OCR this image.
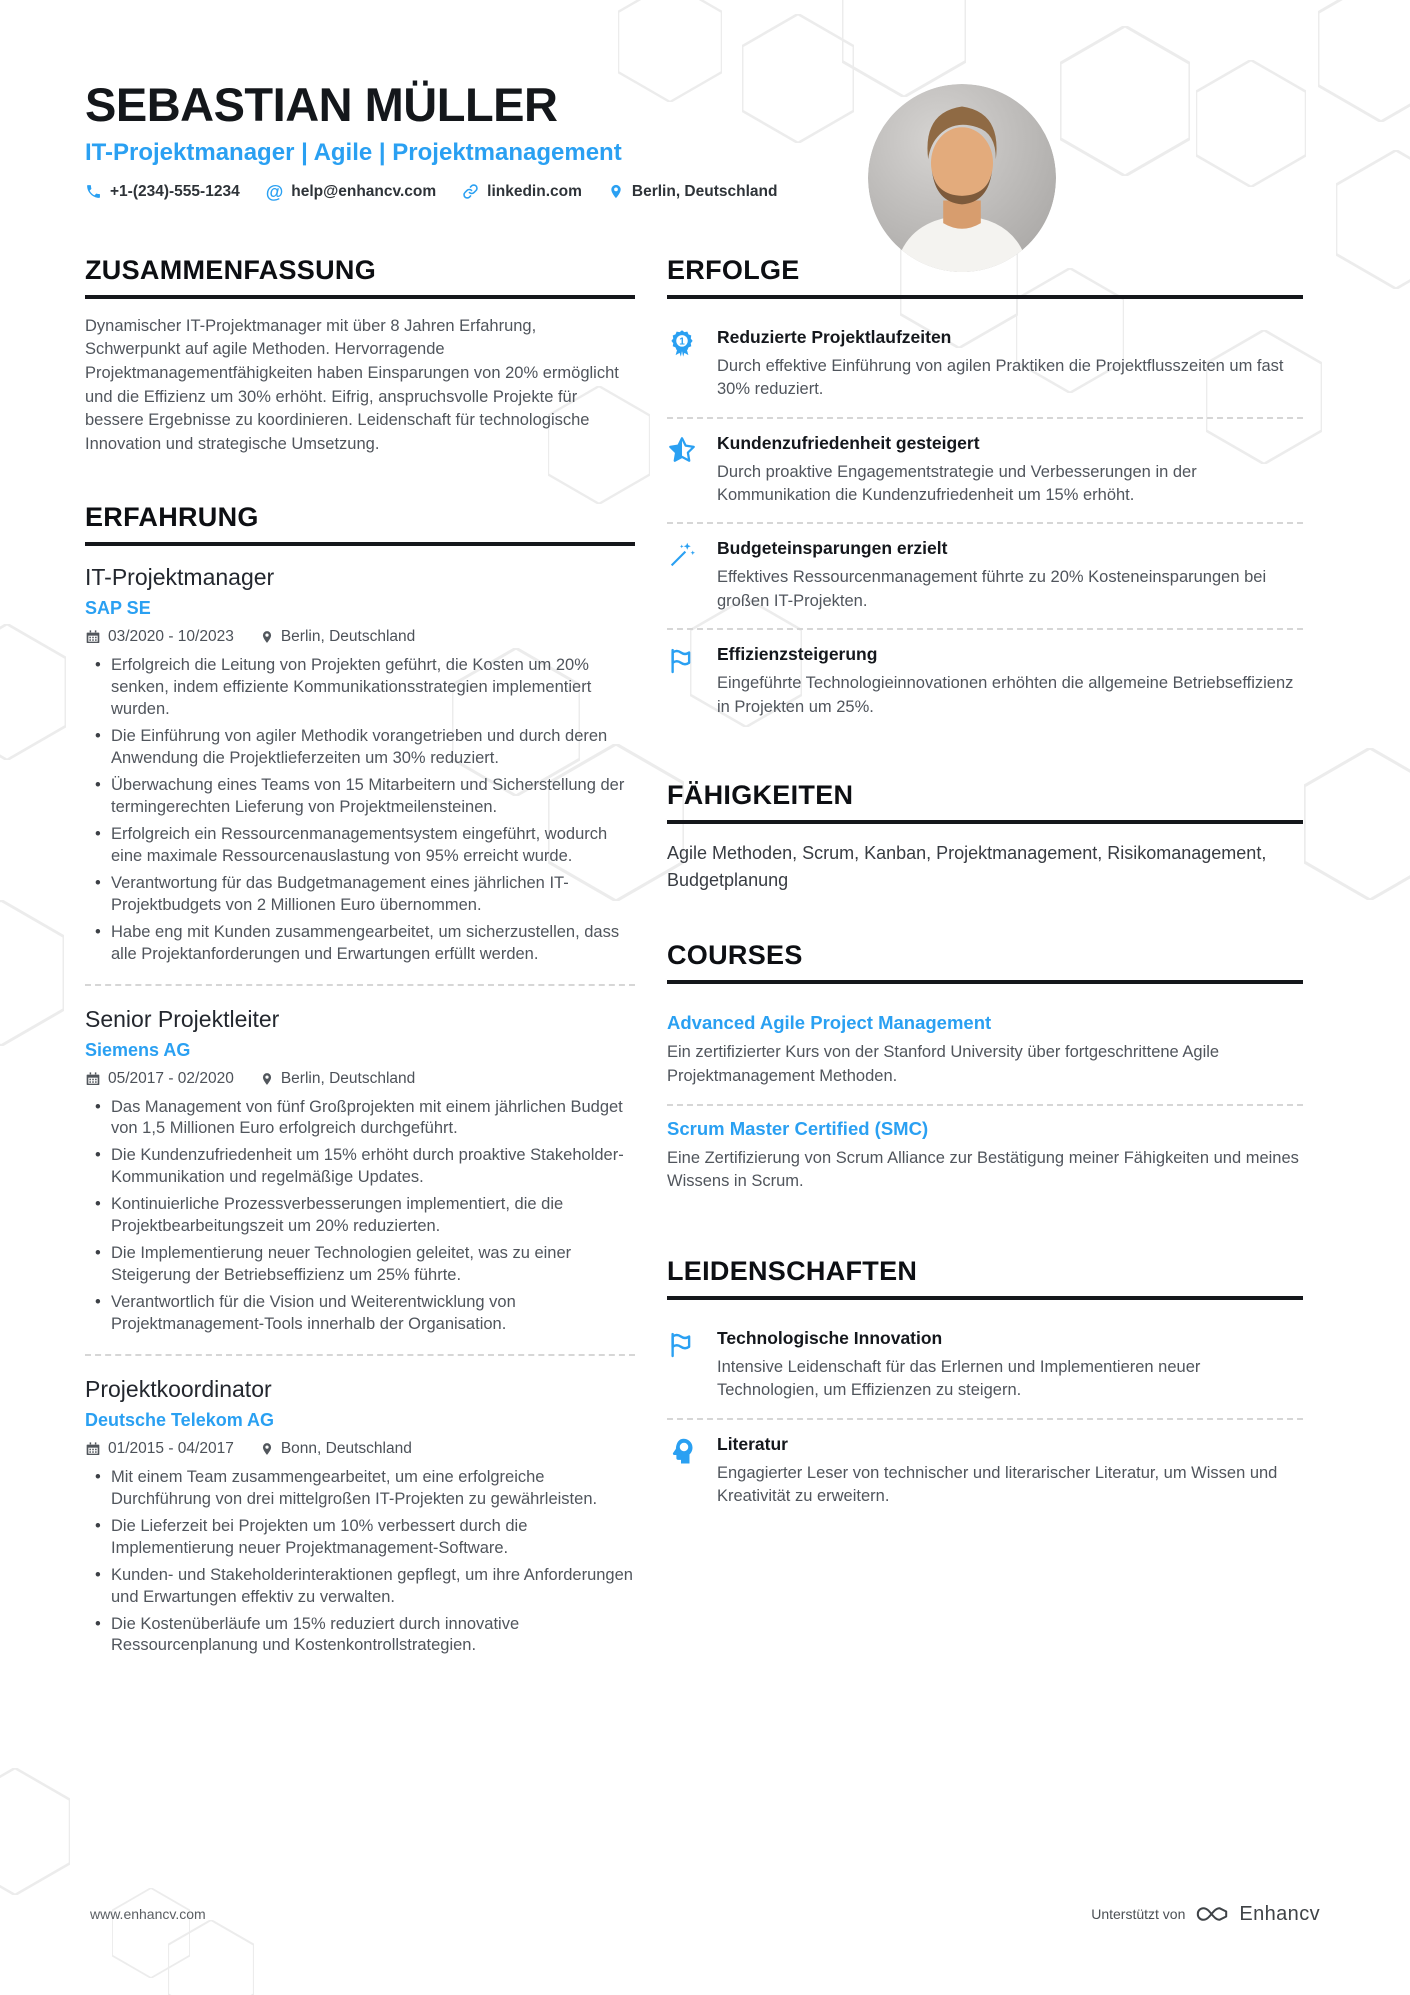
SEBASTIAN MÜLLER
IT-Projektmanager | Agile | Projektmanagement
+1-(234)-555-1234 @ help@enhancv.com	linkedin.com	Berlin, Deutschland
ZUSAMMENFASSUNG

Dynamischer IT-Projektmanager mit über 8 Jahren Erfahrung, Schwerpunkt auf agile Methoden. Hervorragende Projektmanagementfähigkeiten haben Einsparungen von 20% ermöglicht und die Effizienz um 30% erhöht. Eifrig, anspruchsvolle Projekte für bessere Ergebnisse zu koordinieren. Leidenschaft für technologische Innovation und strategische Umsetzung.

ERFAHRUNG
IT-Projektmanager
SAP SE
03/2020 - 10/2023	Berlin, Deutschland
• Erfolgreich die Leitung von Projekten geführt, die Kosten um 20% senken, indem effiziente Kommunikationsstrategien implementiert wurden.
• Die Einführung von agiler Methodik vorangetrieben und durch deren Anwendung die Projektlieferzeiten um 30% reduziert.
• Überwachung eines Teams von 15 Mitarbeitern und Sicherstellung der termingerechten Lieferung von Projektmeilensteinen.
• Erfolgreich ein Ressourcenmanagementsystem eingeführt, wodurch eine maximale Ressourcenauslastung von 95% erreicht wurde.
• Verantwortung für das Budgetmanagement eines jährlichen IT-Projektbudgets von 2 Millionen Euro übernommen.
• Habe eng mit Kunden zusammengearbeitet, um sicherzustellen, dass alle Projektanforderungen und Erwartungen erfüllt werden.
Senior Projektleiter
Siemens AG
05/2017 - 02/2020	Berlin, Deutschland
• Das Management von fünf Großprojekten mit einem jährlichen Budget von 1,5 Millionen Euro erfolgreich durchgeführt.
• Die Kundenzufriedenheit um 15% erhöht durch proaktive Stakeholder-Kommunikation und regelmäßige Updates.
• Kontinuierliche Prozessverbesserungen implementiert, die die Projektbearbeitungszeit um 20% reduzierten.
• Die Implementierung neuer Technologien geleitet, was zu einer Steigerung der Betriebseffizienz um 25% führte.
• Verantwortlich für die Vision und Weiterentwicklung von Projektmanagement-Tools innerhalb der Organisation.
Projektkoordinator
Deutsche Telekom AG
01/2015 - 04/2017	Bonn, Deutschland
• Mit einem Team zusammengearbeitet, um eine erfolgreiche Durchführung von drei mittelgroßen IT-Projekten zu gewährleisten.
• Die Lieferzeit bei Projekten um 10% verbessert durch die Implementierung neuer Projektmanagement-Software.
• Kunden- und Stakeholderinteraktionen gepflegt, um ihre Anforderungen und Erwartungen effektiv zu verwalten.
• Die Kostenüberläufe um 15% reduziert durch innovative Ressourcenplanung und Kostenkontrollstrategien.
ERFOLGE
1 Reduzierte Projektlaufzeiten
Durch effektive Einführung von agilen Praktiken die Projektflusszeiten um fast 30% reduziert.
Kundenzufriedenheit gesteigert
Durch proaktive Engagementstrategie und Verbesserungen in der Kommunikation die Kundenzufriedenheit um 15% erhöht.
Budgeteinsparungen erzielt
Effektives Ressourcenmanagement führte zu 20% Kosteneinsparungen bei großen IT-Projekten.
Effizienzsteigerung
Eingeführte Technologieinnovationen erhöhten die allgemeine Betriebseffizienz in Projekten um 25%.
FÄHIGKEITEN

Agile Methoden, Scrum, Kanban, Projektmanagement, Risikomanagement, Budgetplanung

COURSES
Advanced Agile Project Management
Ein zertifizierter Kurs von der Stanford University über fortgeschrittene Agile Projektmanagement Methoden.
Scrum Master Certified (SMC)
Eine Zertifizierung von Scrum Alliance zur Bestätigung meiner Fähigkeiten und meines Wissens in Scrum.
LEIDENSCHAFTEN
Technologische Innovation
Intensive Leidenschaft für das Erlernen und Implementieren neuer Technologien, um Effizienzen zu steigern.
Literatur
Engagierter Leser von technischer und literarischer Literatur, um Wissen und Kreativität zu erweitern.
www.enhancv.com	Unterstützt von	Enhancv
